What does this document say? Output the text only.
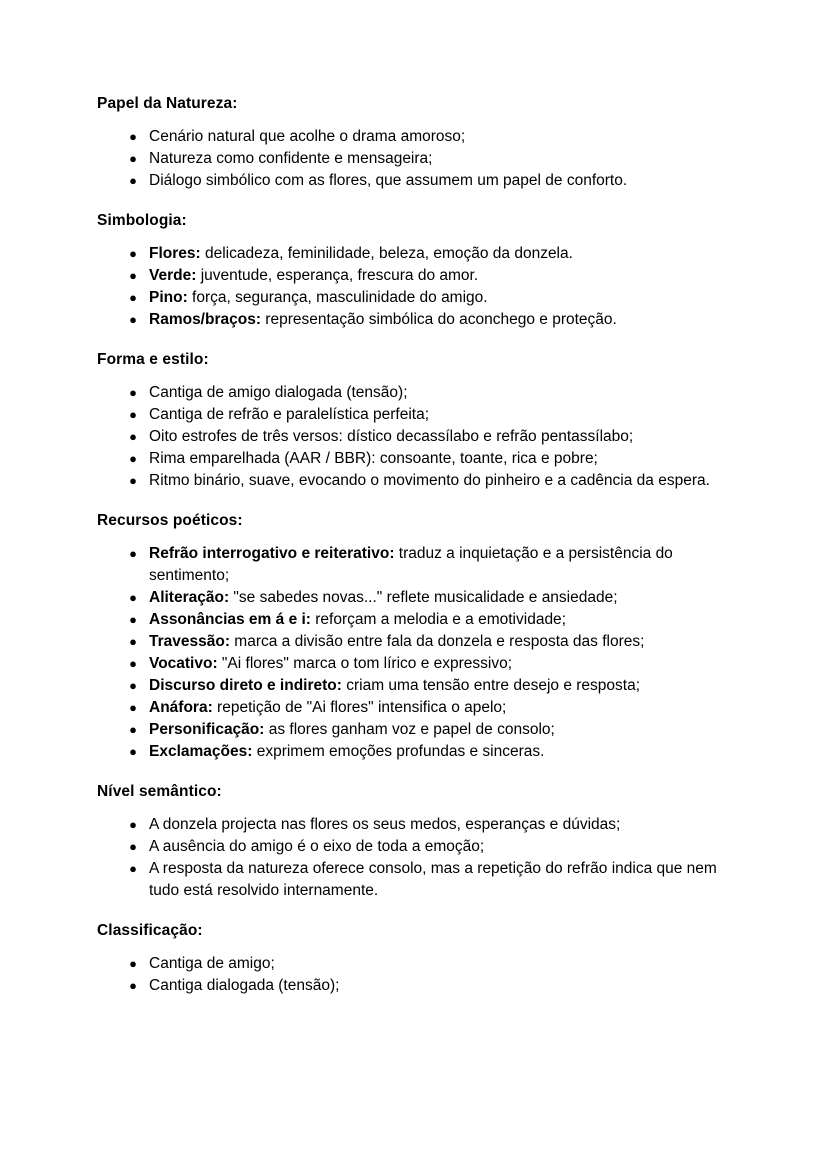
Papel da Natureza:
● Cenário natural que acolhe o drama amoroso;
● Natureza como confidente e mensageira;
● Diálogo simbólico com as flores, que assumem um papel de conforto.
Simbologia:
● Flores: delicadeza, feminilidade, beleza, emoção da donzela.
● Verde: juventude, esperança, frescura do amor.
● Pino: força, segurança, masculinidade do amigo.
● Ramos/braços: representação simbólica do aconchego e proteção.
Forma e estilo:
● Cantiga de amigo dialogada (tensão);
● Cantiga de refrão e paralelística perfeita;
● Oito estrofes de três versos: dístico decassílabo e refrão pentassílabo;
● Rima emparelhada (AAR / BBR): consoante, toante, rica e pobre;
● Ritmo binário, suave, evocando o movimento do pinheiro e a cadência da espera.
Recursos poéticos:
● Refrão interrogativo e reiterativo: traduz a inquietação e a persistência do sentimento;
● Aliteração: "se sabedes novas..." reflete musicalidade e ansiedade;
● Assonâncias em á e i: reforçam a melodia e a emotividade;
● Travessão: marca a divisão entre fala da donzela e resposta das flores;
● Vocativo: "Ai flores" marca o tom lírico e expressivo;
● Discurso direto e indireto: criam uma tensão entre desejo e resposta;
● Anáfora: repetição de "Ai flores" intensifica o apelo;
● Personificação: as flores ganham voz e papel de consolo;
● Exclamações: exprimem emoções profundas e sinceras.
Nível semântico:
● A donzela projecta nas flores os seus medos, esperanças e dúvidas;
● A ausência do amigo é o eixo de toda a emoção;
● A resposta da natureza oferece consolo, mas a repetição do refrão indica que nem tudo está resolvido internamente.
Classificação:
● Cantiga de amigo;
● Cantiga dialogada (tensão);
